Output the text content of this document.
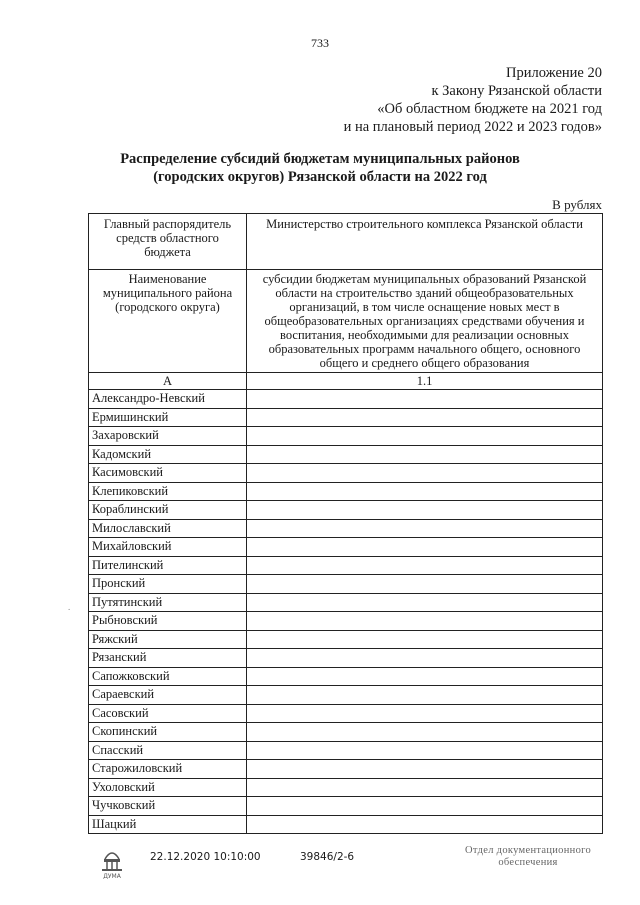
733
Приложение 20
к Закону Рязанской области
«Об областном бюджете на 2021 год
и на плановый период 2022 и 2023 годов»
Распределение субсидий бюджетам муниципальных районов
(городских округов) Рязанской области на 2022 год
В рублях
Главный распорядитель средств областного бюджета	Министерство строительного комплекса Рязанской области
Наименование муниципального района (городского округа)	субсидии бюджетам муниципальных образований Рязанской области на строительство зданий общеобразовательных организаций, в том числе оснащение новых мест в общеобразовательных организациях средствами обучения и воспитания, необходимыми для реализации основных образовательных программ начального общего, основного общего и среднего общего образования
А	1.1
Александро-Невский	
Ермишинский	
Захаровский	
Кадомский	
Касимовский	
Клепиковский	
Кораблинский	
Милославский	
Михайловский	
Пителинский	
Пронский	
Путятинский	
Рыбновский	
Ряжский	
Рязанский	
Сапожковский	
Сараевский	
Сасовский	
Скопинский	
Спасский	
Старожиловский	
Ухоловский	
Чучковский	
Шацкий	
.
ДУМА
22.12.2020 10:10:00	39846/2-6
Отдел документационного
обеспечения
